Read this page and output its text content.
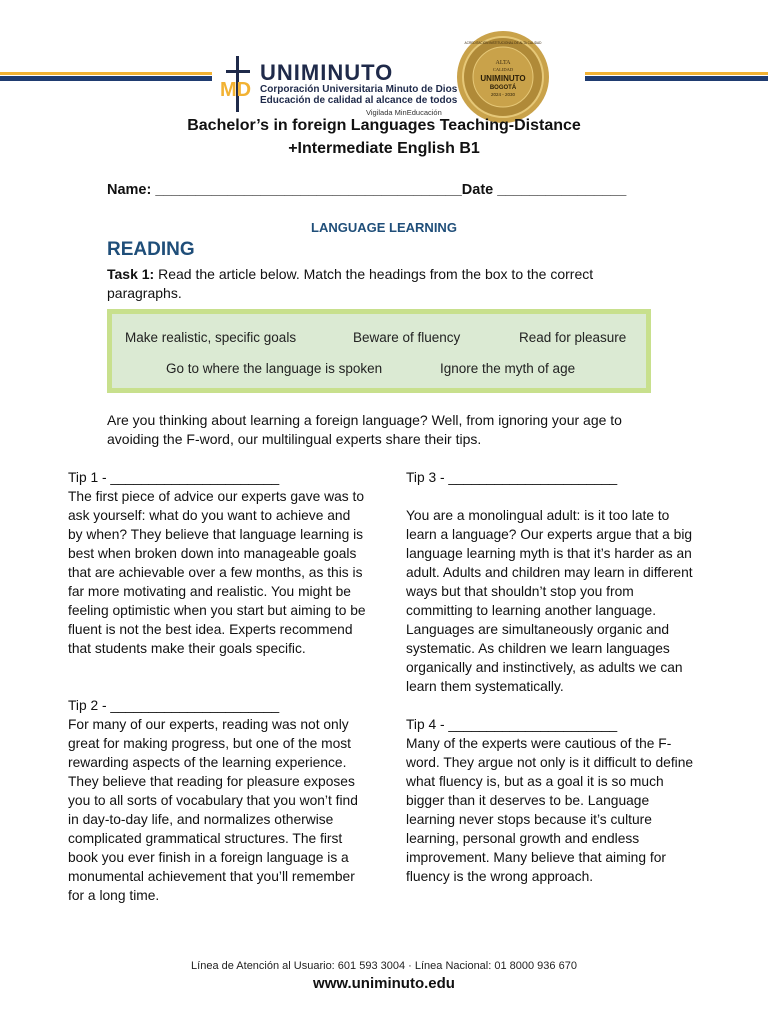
MD
UNIMINUTO
Corporación Universitaria Minuto de Dios
Educación de calidad al alcance de todos
Vigilada MinEducación
ALTA
CALIDAD
UNIMINUTO
BOGOTÁ
2024 - 2030
ACREDITACIÓN INSTITUCIONAL DE ALTA CALIDAD
Bachelor’s in foreign Languages Teaching-Distance
+Intermediate English B1
Name: ______________________________________Date ________________
LANGUAGE LEARNING
READING
Task 1: Read the article below. Match the headings from the box to the correct paragraphs.
Make realistic, specific goals	Beware of fluency	Read for pleasure
Go to where the language is spoken	Ignore the myth of age
Are you thinking about learning a foreign language? Well, from ignoring your age to avoiding the F-word, our multilingual experts share their tips.

Tip 1 - ______________________

The first piece of advice our experts gave was to ask yourself: what do you want to achieve and by when? They believe that language learning is best when broken down into manageable goals that are achievable over a few months, as this is far more motivating and realistic. You might be feeling optimistic when you start but aiming to be fluent is not the best idea. Experts recommend that students make their goals specific.

Tip 2 - ______________________

For many of our experts, reading was not only great for making progress, but one of the most rewarding aspects of the learning experience. They believe that reading for pleasure exposes you to all sorts of vocabulary that you won’t find in day-to-day life, and normalizes otherwise complicated grammatical structures. The first book you ever finish in a foreign language is a monumental achievement that you’ll remember for a long time.

Tip 3 - ______________________

You are a monolingual adult: is it too late to learn a language? Our experts argue that a big language learning myth is that it’s harder as an adult. Adults and children may learn in different ways but that shouldn’t stop you from committing to learning another language. Languages are simultaneously organic and systematic. As children we learn languages organically and instinctively, as adults we can learn them systematically.

Tip 4 - ______________________

Many of the experts were cautious of the F-word. They argue not only is it difficult to define what fluency is, but as a goal it is so much bigger than it deserves to be. Language learning never stops because it’s culture learning, personal growth and endless improvement. Many believe that aiming for fluency is the wrong approach.

Línea de Atención al Usuario: 601 593 3004 · Línea Nacional: 01 8000 936 670
www.uniminuto.edu
